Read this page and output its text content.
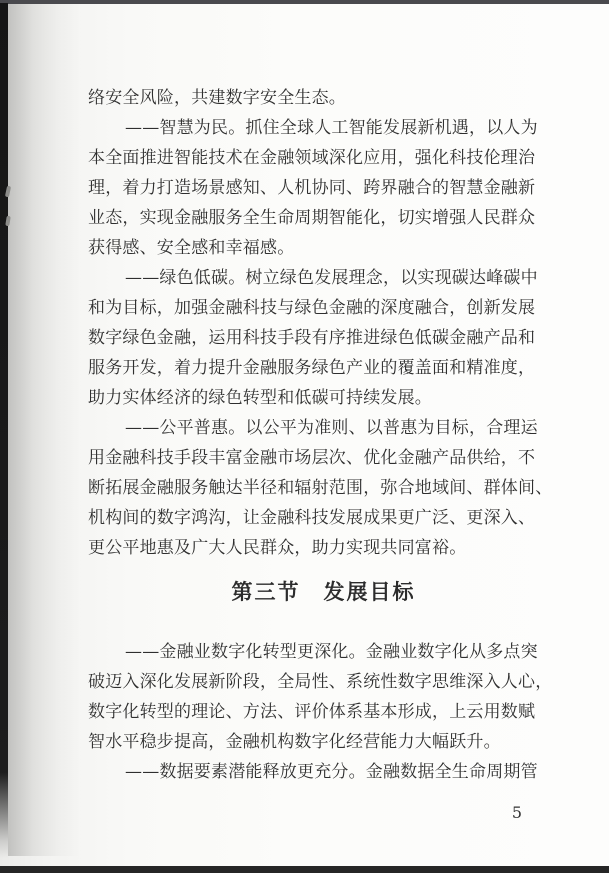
络安全风险，共建数字安全生态。
——智慧为民。抓住全球人工智能发展新机遇，以人为
本全面推进智能技术在金融领域深化应用，强化科技伦理治
理，着力打造场景感知、人机协同、跨界融合的智慧金融新
业态，实现金融服务全生命周期智能化，切实增强人民群众
获得感、安全感和幸福感。
——绿色低碳。树立绿色发展理念，以实现碳达峰碳中
和为目标，加强金融科技与绿色金融的深度融合，创新发展
数字绿色金融，运用科技手段有序推进绿色低碳金融产品和
服务开发，着力提升金融服务绿色产业的覆盖面和精准度，
助力实体经济的绿色转型和低碳可持续发展。
——公平普惠。以公平为准则、以普惠为目标，合理运
用金融科技手段丰富金融市场层次、优化金融产品供给，不
断拓展金融服务触达半径和辐射范围，弥合地域间、群体间、
机构间的数字鸿沟，让金融科技发展成果更广泛、更深入、
更公平地惠及广大人民群众，助力实现共同富裕。
第三节　发展目标
——金融业数字化转型更深化。金融业数字化从多点突
破迈入深化发展新阶段，全局性、系统性数字思维深入人心，
数字化转型的理论、方法、评价体系基本形成，上云用数赋
智水平稳步提高，金融机构数字化经营能力大幅跃升。
——数据要素潜能释放更充分。金融数据全生命周期管
5
